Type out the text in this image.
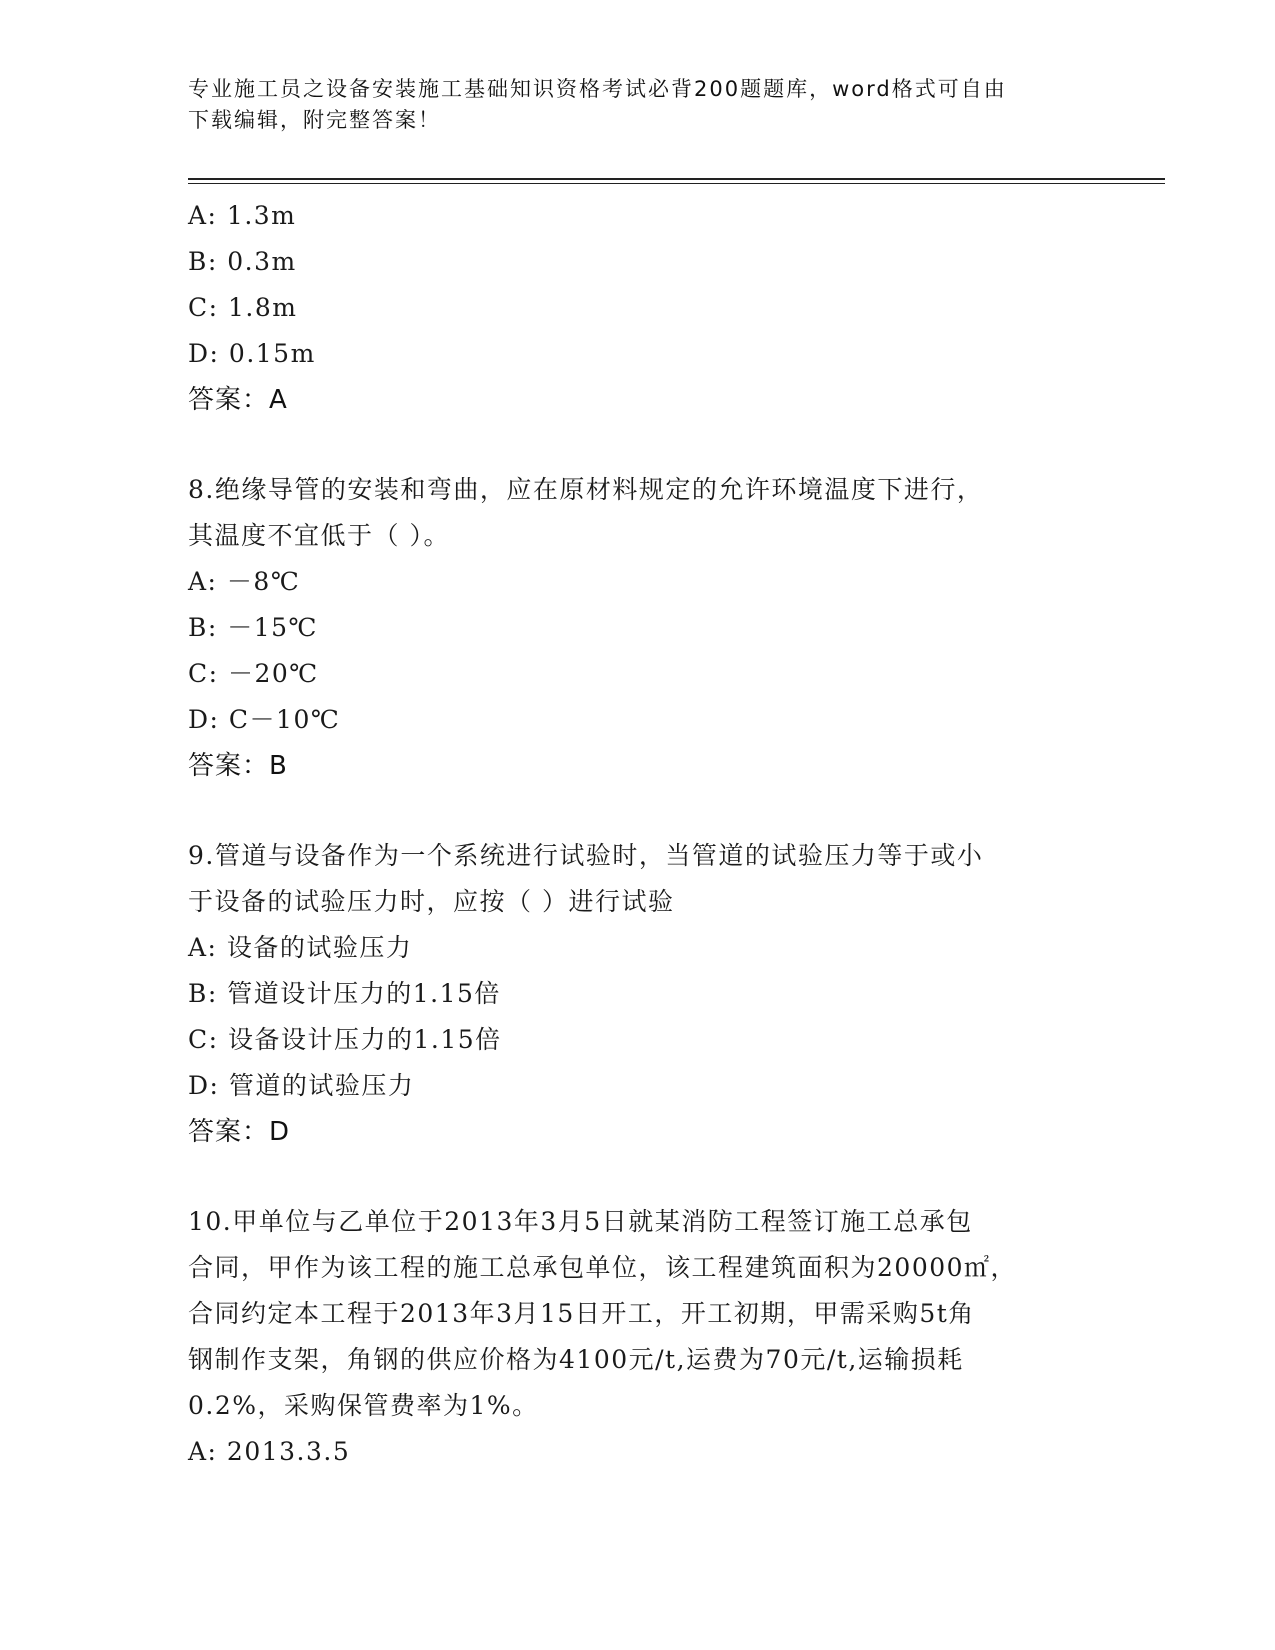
专业施工员之设备安装施工基础知识资格考试必背200题题库，word格式可自由
下载编辑，附完整答案！
A: 1.3m
B: 0.3m
C: 1.8m
D: 0.15m
答案：A
8.绝缘导管的安装和弯曲，应在原材料规定的允许环境温度下进行，
其温度不宜低于（ ）。
A: －8℃
B: －15℃
C: －20℃
D: C－10℃
答案：B
9.管道与设备作为一个系统进行试验时，当管道的试验压力等于或小
于设备的试验压力时，应按（ ）进行试验
A: 设备的试验压力
B: 管道设计压力的1.15倍
C: 设备设计压力的1.15倍
D: 管道的试验压力
答案：D
10.甲单位与乙单位于2013年3月5日就某消防工程签订施工总承包
合同，甲作为该工程的施工总承包单位，该工程建筑面积为20000㎡，
合同约定本工程于2013年3月15日开工，开工初期，甲需采购5t角
钢制作支架，角钢的供应价格为4100元/t,运费为70元/t,运输损耗
0.2%，采购保管费率为1%。
A: 2013.3.5
